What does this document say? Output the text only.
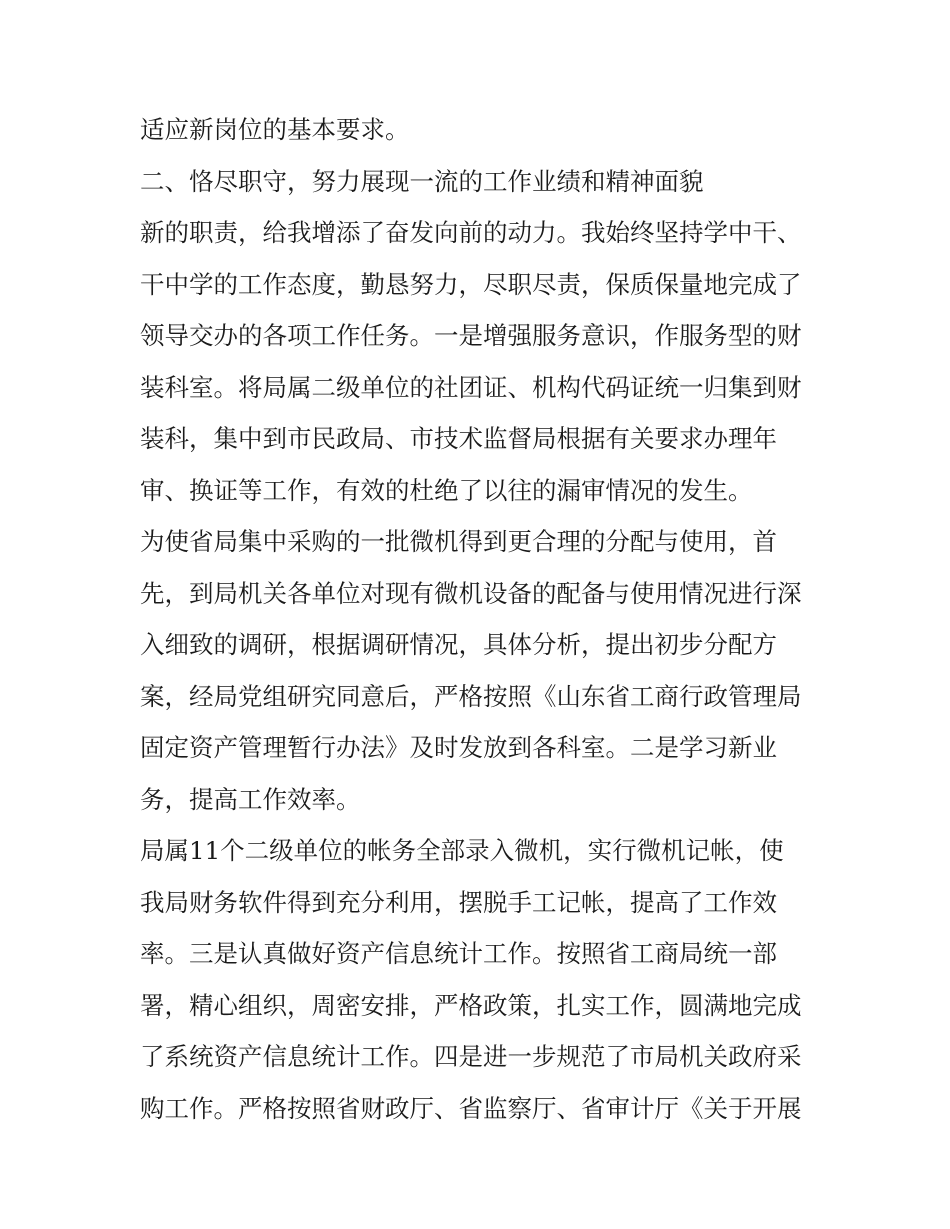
适应新岗位的基本要求。
二、恪尽职守，努力展现一流的工作业绩和精神面貌
新的职责，给我增添了奋发向前的动力。我始终坚持学中干、
干中学的工作态度，勤恳努力，尽职尽责，保质保量地完成了
领导交办的各项工作任务。一是增强服务意识，作服务型的财
装科室。将局属二级单位的社团证、机构代码证统一归集到财
装科，集中到市民政局、市技术监督局根据有关要求办理年
审、换证等工作，有效的杜绝了以往的漏审情况的发生。
为使省局集中采购的一批微机得到更合理的分配与使用，首
先，到局机关各单位对现有微机设备的配备与使用情况进行深
入细致的调研，根据调研情况，具体分析，提出初步分配方
案，经局党组研究同意后，严格按照《山东省工商行政管理局
固定资产管理暂行办法》及时发放到各科室。二是学习新业
务，提高工作效率。
局属11个二级单位的帐务全部录入微机，实行微机记帐，使
我局财务软件得到充分利用，摆脱手工记帐，提高了工作效
率。三是认真做好资产信息统计工作。按照省工商局统一部
署，精心组织，周密安排，严格政策，扎实工作，圆满地完成
了系统资产信息统计工作。四是进一步规范了市局机关政府采
购工作。严格按照省财政厅、省监察厅、省审计厅《关于开展
